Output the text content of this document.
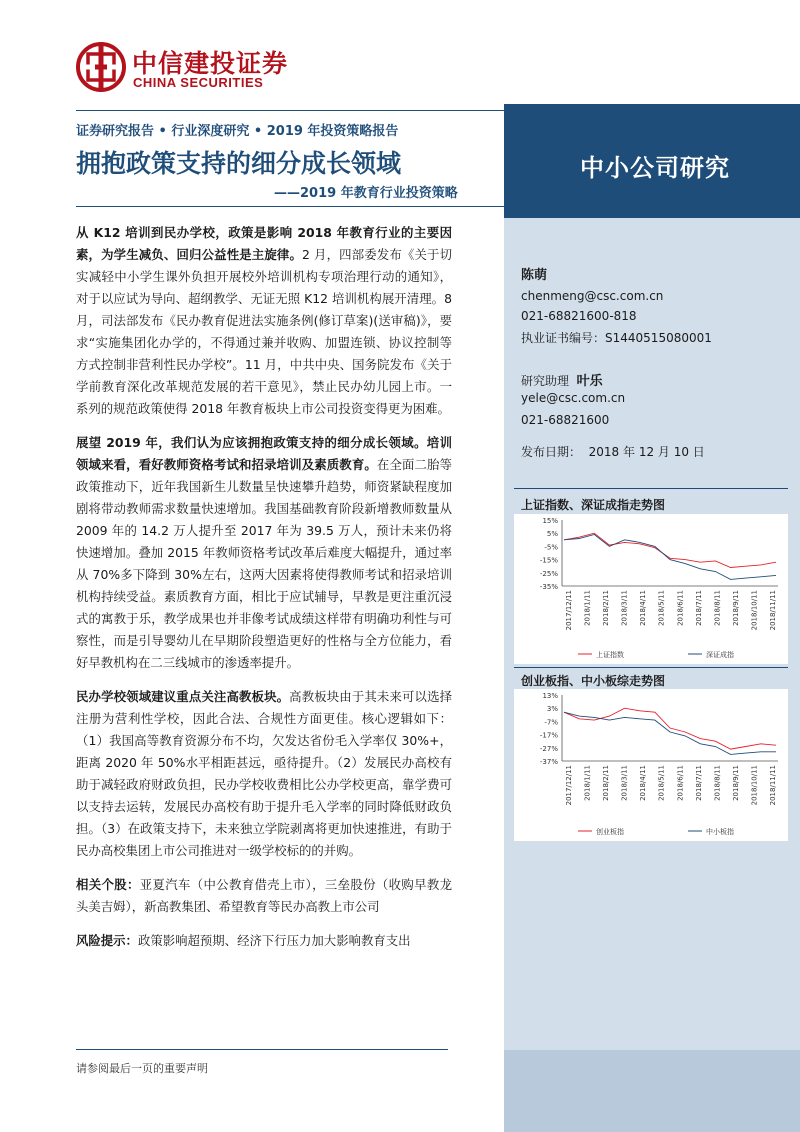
中信建投证券
CHINA SECURITIES
证券研究报告 • 行业深度研究 • 2019 年投资策略报告
拥抱政策支持的细分成长领域
——2019 年教育行业投资策略
中小公司研究
陈萌
chenmeng@csc.com.cn
021-68821600-818
执业证书编号：S1440515080001
研究助理 叶乐
yele@csc.com.cn
021-68821600
发布日期： 2018 年 12 月 10 日
上证指数、深证成指走势图
15%
5%
-5%
-15%
-25%
-35%
2017/12/11 2018/1/11 2018/2/11 2018/3/11 2018/4/11 2018/5/11 2018/6/11 2018/7/11 2018/8/11 2018/9/11 2018/10/11 2018/11/11
上证指数	深证成指
创业板指、中小板综走势图
13%
3%
-7%
-17%
-27%
-37%
2017/12/11 2018/1/11 2018/2/11 2018/3/11 2018/4/11 2018/5/11 2018/6/11 2018/7/11 2018/8/11 2018/9/11 2018/10/11 2018/11/11
创业板指	中小板指
从 K12 培训到民办学校，政策是影响 2018 年教育行业的主要因素，为学生减负、回归公益性是主旋律。2 月，四部委发布《关于切实减轻中小学生课外负担开展校外培训机构专项治理行动的通知》，对于以应试为导向、超纲教学、无证无照 K12 培训机构展开清理。8 月，司法部发布《民办教育促进法实施条例(修订草案)(送审稿)》，要求“实施集团化办学的，不得通过兼并收购、加盟连锁、协议控制等方式控制非营利性民办学校”。11 月，中共中央、国务院发布《关于学前教育深化改革规范发展的若干意见》，禁止民办幼儿园上市。一系列的规范政策使得 2018 年教育板块上市公司投资变得更为困难。
展望 2019 年，我们认为应该拥抱政策支持的细分成长领域。培训领域来看，看好教师资格考试和招录培训及素质教育。在全面二胎等政策推动下，近年我国新生儿数量呈快速攀升趋势，师资紧缺程度加剧将带动教师需求数量快速增加。我国基础教育阶段新增教师数量从 2009 年的 14.2 万人提升至 2017 年为 39.5 万人，预计未来仍将快速增加。叠加 2015 年教师资格考试改革后难度大幅提升，通过率从 70%多下降到 30%左右，这两大因素将使得教师考试和招录培训机构持续受益。素质教育方面，相比于应试辅导，早教是更注重沉浸式的寓教于乐，教学成果也并非像考试成绩这样带有明确功利性与可察性，而是引导婴幼儿在早期阶段塑造更好的性格与全方位能力，看好早教机构在二三线城市的渗透率提升。
民办学校领域建议重点关注高教板块。高教板块由于其未来可以选择注册为营利性学校，因此合法、合规性方面更佳。核心逻辑如下：（1）我国高等教育资源分布不均，欠发达省份毛入学率仅 30%+，距离 2020 年 50%水平相距甚远，亟待提升。（2）发展民办高校有助于减轻政府财政负担，民办学校收费相比公办学校更高，靠学费可以支持去运转，发展民办高校有助于提升毛入学率的同时降低财政负担。（3）在政策支持下，未来独立学院剥离将更加快速推进，有助于民办高校集团上市公司推进对一级学校标的的并购。
相关个股：亚夏汽车（中公教育借壳上市），三垒股份（收购早教龙头美吉姆），新高教集团、希望教育等民办高教上市公司
风险提示：政策影响超预期、经济下行压力加大影响教育支出
请参阅最后一页的重要声明
